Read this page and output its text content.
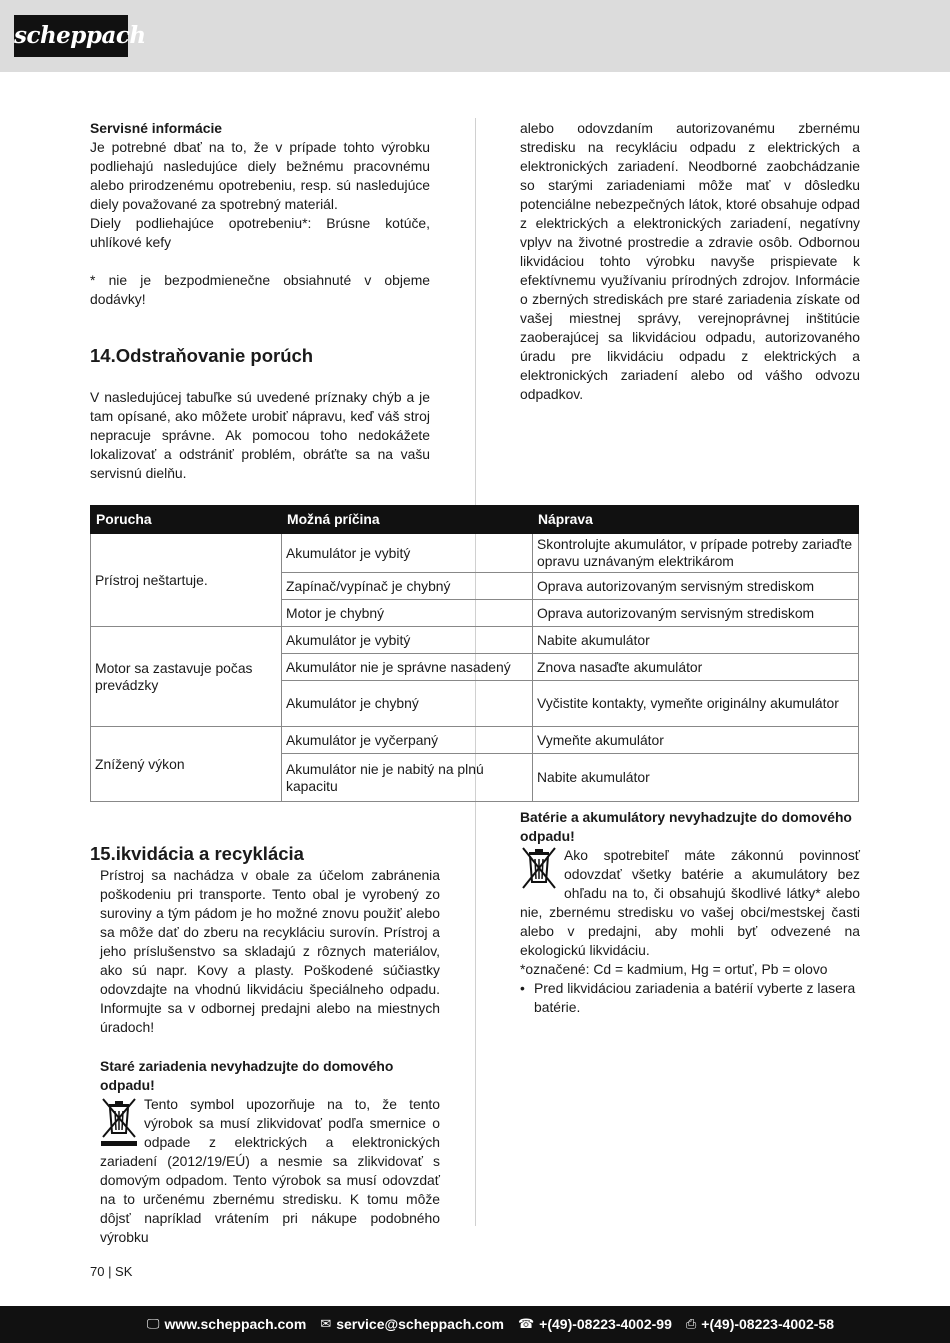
scheppach

Servisné informácie

Je potrebné dbať na to, že v prípade tohto výrobku podliehajú nasledujúce diely bežnému pracovnému alebo prirodzenému opotrebeniu, resp. sú nasledujúce diely považované za spotrebný materiál.

Diely podliehajúce opotrebeniu*: Brúsne kotúče, uhlíkové kefy

* nie je bezpodmienečne obsiahnuté v objeme dodávky!

14.Odstraňovanie porúch

V nasledujúcej tabuľke sú uvedené príznaky chýb a je tam opísané, ako môžete urobiť nápravu, keď váš stroj nepracuje správne. Ak pomocou toho nedokážete lokalizovať a odstrániť problém, obráťte sa na vašu servisnú dielňu.
alebo odovzdaním autorizovanému zbernému stredisku na recykláciu odpadu z elektrických a elektronických zariadení. Neodborné zaobchádzanie so starými zariadeniami môže mať v dôsledku potenciálne nebezpečných látok, ktoré obsahuje odpad z elektrických a elektronických zariadení, negatívny vplyv na životné prostredie a zdravie osôb. Odbornou likvidáciou tohto výrobku navyše prispievate k efektívnemu využívaniu prírodných zdrojov. Informácie o zberných strediskách pre staré zariadenia získate od vašej miestnej správy, verejnoprávnej inštitúcie zaoberajúcej sa likvidáciou odpadu, autorizovaného úradu pre likvidáciu odpadu z elektrických a elektronických zariadení alebo od vášho odvozu odpadkov.
Porucha	Možná príčina	Náprava
Prístroj neštartuje.	Akumulátor je vybitý	Skontrolujte akumulátor, v prípade potreby zariaďte opravu uznávaným elektrikárom
	Zapínač/vypínač je chybný	Oprava autorizovaným servisným strediskom
	Motor je chybný	Oprava autorizovaným servisným strediskom
Motor sa zastavuje počas prevádzky	Akumulátor je vybitý	Nabite akumulátor
	Akumulátor nie je správne nasadený	Znova nasaďte akumulátor
	Akumulátor je chybný	Vyčistite kontakty, vymeňte originálny akumulátor
Znížený výkon	Akumulátor je vyčerpaný	Vymeňte akumulátor
	Akumulátor nie je nabitý na plnú kapacitu	Nabite akumulátor

15.ikvidácia a recyklácia

Prístroj sa nachádza v obale za účelom zabránenia poškodeniu pri transporte. Tento obal je vyrobený zo suroviny a tým pádom je ho možné znovu použiť alebo sa môže dať do zberu na recykláciu surovín. Prístroj a jeho príslušenstvo sa skladajú z rôznych materiálov, ako sú napr. Kovy a plasty. Poškodené súčiastky odovzdajte na vhodnú likvidáciu špeciálneho odpadu. Informujte sa v odbornej predajni alebo na miestnych úradoch!

Staré zariadenia nevyhadzujte do domového odpadu!

Tento symbol upozorňuje na to, že tento výrobok sa musí zlikvidovať podľa smernice o odpade z elektrických a elektronických zariadení (2012/19/EÚ) a nesmie sa zlikvidovať s domovým odpadom. Tento výrobok sa musí odovzdať na to určenému zbernému stredisku. K tomu môže dôjsť napríklad vrátením pri nákupe podobného výrobku

Batérie a akumulátory nevyhadzujte do domového odpadu!

Ako spotrebiteľ máte zákonnú povinnosť odovzdať všetky batérie a akumulátory bez ohľadu na to, či obsahujú škodlivé látky* alebo nie, zbernému stredisku vo vašej obci/mestskej časti alebo v predajni, aby mohli byť odvezené na ekologickú likvidáciu.

*označené: Cd = kadmium, Hg = ortuť, Pb = olovo

• Pred likvidáciou zariadenia a batérií vyberte z lasera batérie.
70 | SK
🖵 www.scheppach.com ✉ service@scheppach.com ☎ +(49)-08223-4002-99 ⎙ +(49)-08223-4002-58
